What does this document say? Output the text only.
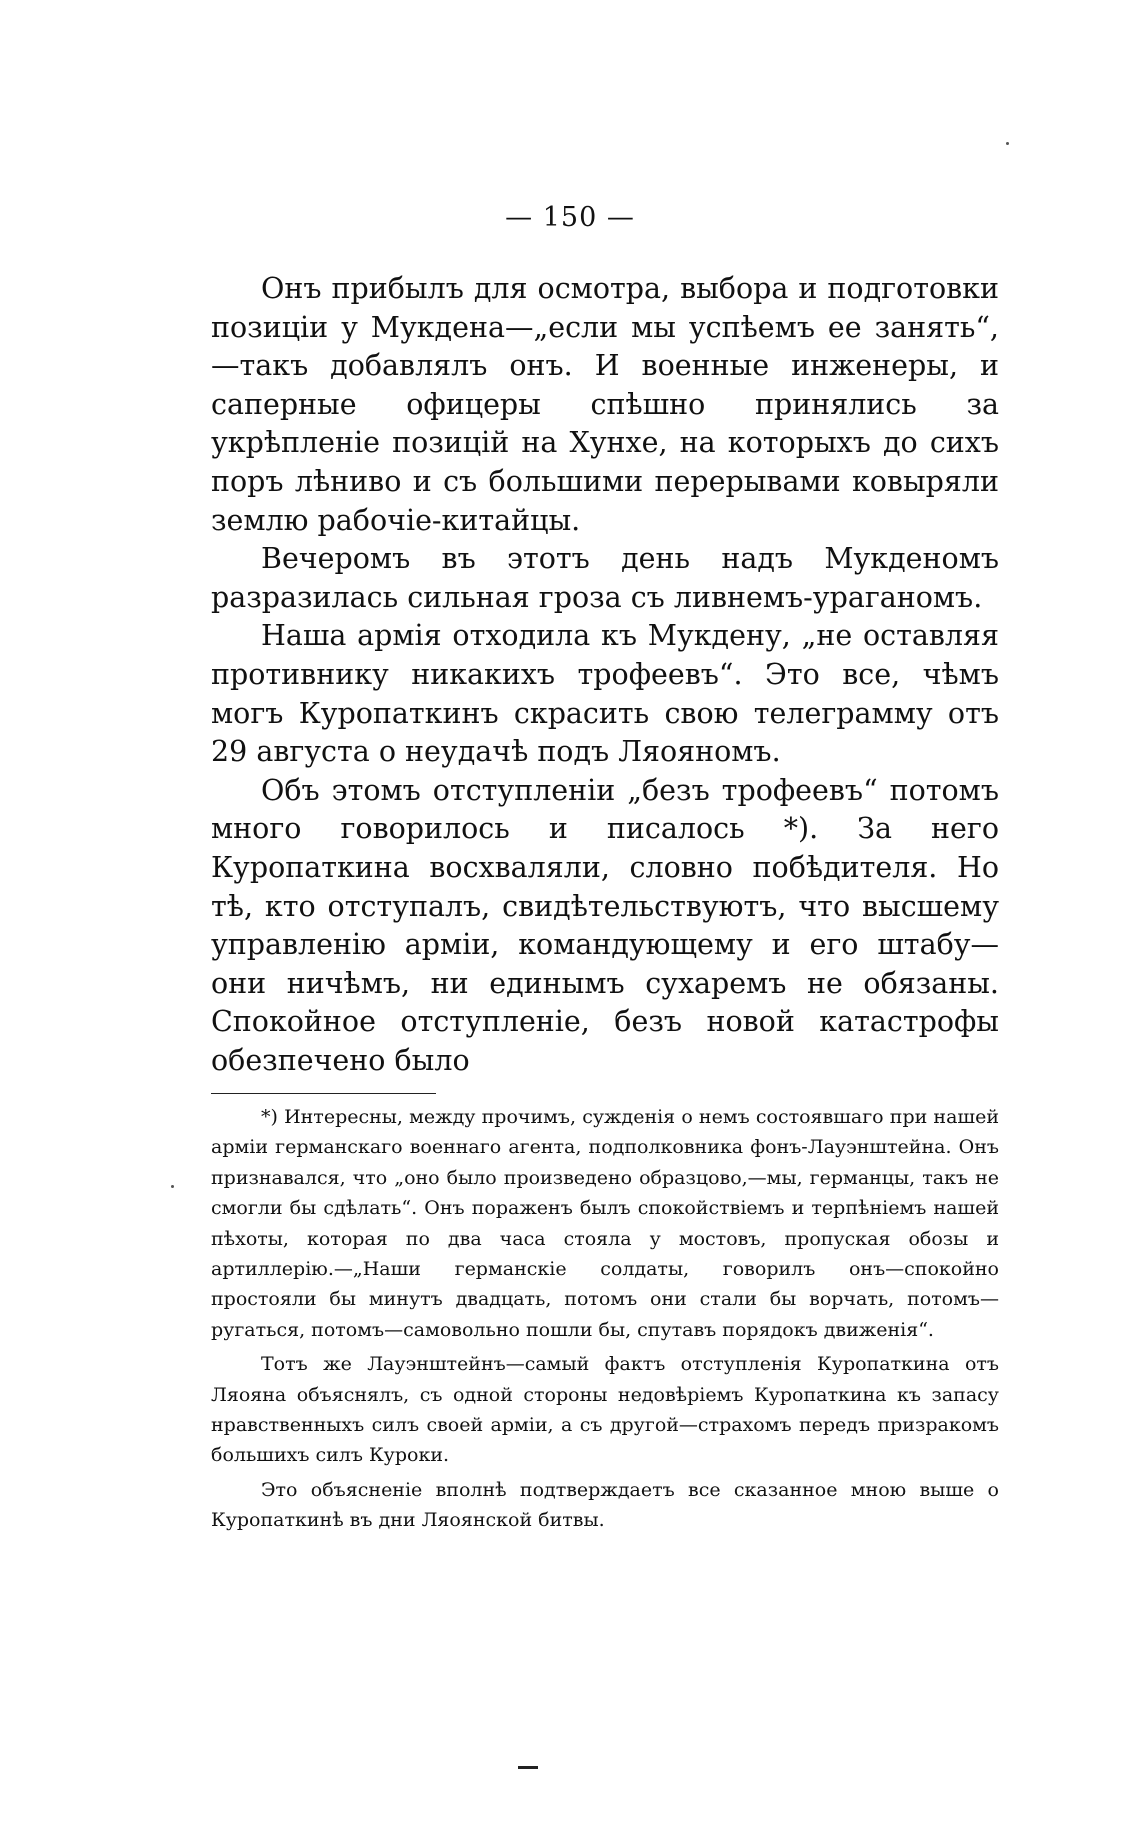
— 150 —

Онъ прибылъ для осмотра, выбора и подготовки позиціи у Мукдена—„если мы успѣемъ ее занять“,—такъ добавлялъ онъ. И военные инженеры, и саперные офицеры спѣшно принялись за укрѣпленіе позицій на Хунхе, на которыхъ до сихъ поръ лѣниво и съ большими перерывами ковыряли землю рабочіе-китайцы.

Вечеромъ въ этотъ день надъ Мукденомъ разразилась сильная гроза съ ливнемъ-ураганомъ.

Наша армія отходила къ Мукдену, „не оставляя противнику никакихъ трофеевъ“. Это все, чѣмъ могъ Куропаткинъ скрасить свою телеграмму отъ 29 августа о неудачѣ подъ Ляояномъ.

Объ этомъ отступленіи „безъ трофеевъ“ потомъ много говорилось и писалось *). За него Куропаткина восхваляли, словно побѣдителя. Но тѣ, кто отступалъ, свидѣтельствуютъ, что высшему управленію арміи, командующему и его штабу—они ничѣмъ, ни единымъ сухаремъ не обязаны. Спокойное отступленіе, безъ новой катастрофы обезпечено было

*) Интересны, между прочимъ, сужденія о немъ состоявшаго при нашей арміи германскаго военнаго агента, подполковника фонъ-Лауэнштейна. Онъ признавался, что „оно было произведено образцово,—мы, германцы, такъ не смогли бы сдѣлать“. Онъ пораженъ былъ спокойствіемъ и терпѣніемъ нашей пѣхоты, которая по два часа стояла у мостовъ, пропуская обозы и артиллерію.—„Наши германскіе солдаты, говорилъ онъ—спокойно простояли бы минутъ двадцать, потомъ они стали бы ворчать, потомъ—ругаться, потомъ—самовольно пошли бы, спутавъ порядокъ движенія“.

Тотъ же Лауэнштейнъ—самый фактъ отступленія Куропаткина отъ Ляояна объяснялъ, съ одной стороны недовѣріемъ Куропаткина къ запасу нравственныхъ силъ своей арміи, а съ другой—страхомъ передъ призракомъ большихъ силъ Куроки.

Это объясненіе вполнѣ подтверждаетъ все сказанное мною выше о Куропаткинѣ въ дни Ляоянской битвы.
